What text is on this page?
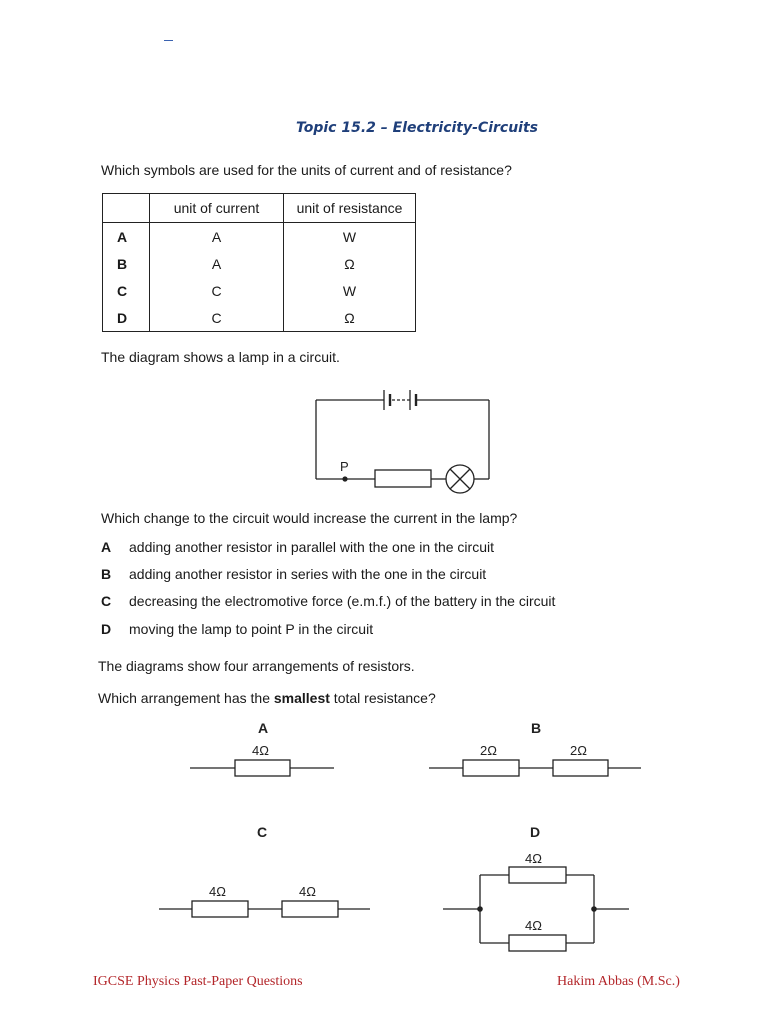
Topic 15.2 – Electricity-Circuits
Which symbols are used for the units of current and of resistance?
	unit of current	unit of resistance
A	A	W
B	A	Ω
C	C	W
D	C	Ω
The diagram shows a lamp in a circuit.
P
Which change to the circuit would increase the current in the lamp?
A adding another resistor in parallel with the one in the circuit
B adding another resistor in series with the one in the circuit
C decreasing the electromotive force (e.m.f.) of the battery in the circuit
D moving the lamp to point P in the circuit
The diagrams show four arrangements of resistors.
Which arrangement has the smallest total resistance?
A
4Ω
B
2Ω	2Ω
C
4Ω	4Ω
D
4Ω
4Ω
IGCSE Physics Past-Paper Questions	Hakim Abbas (M.Sc.)
